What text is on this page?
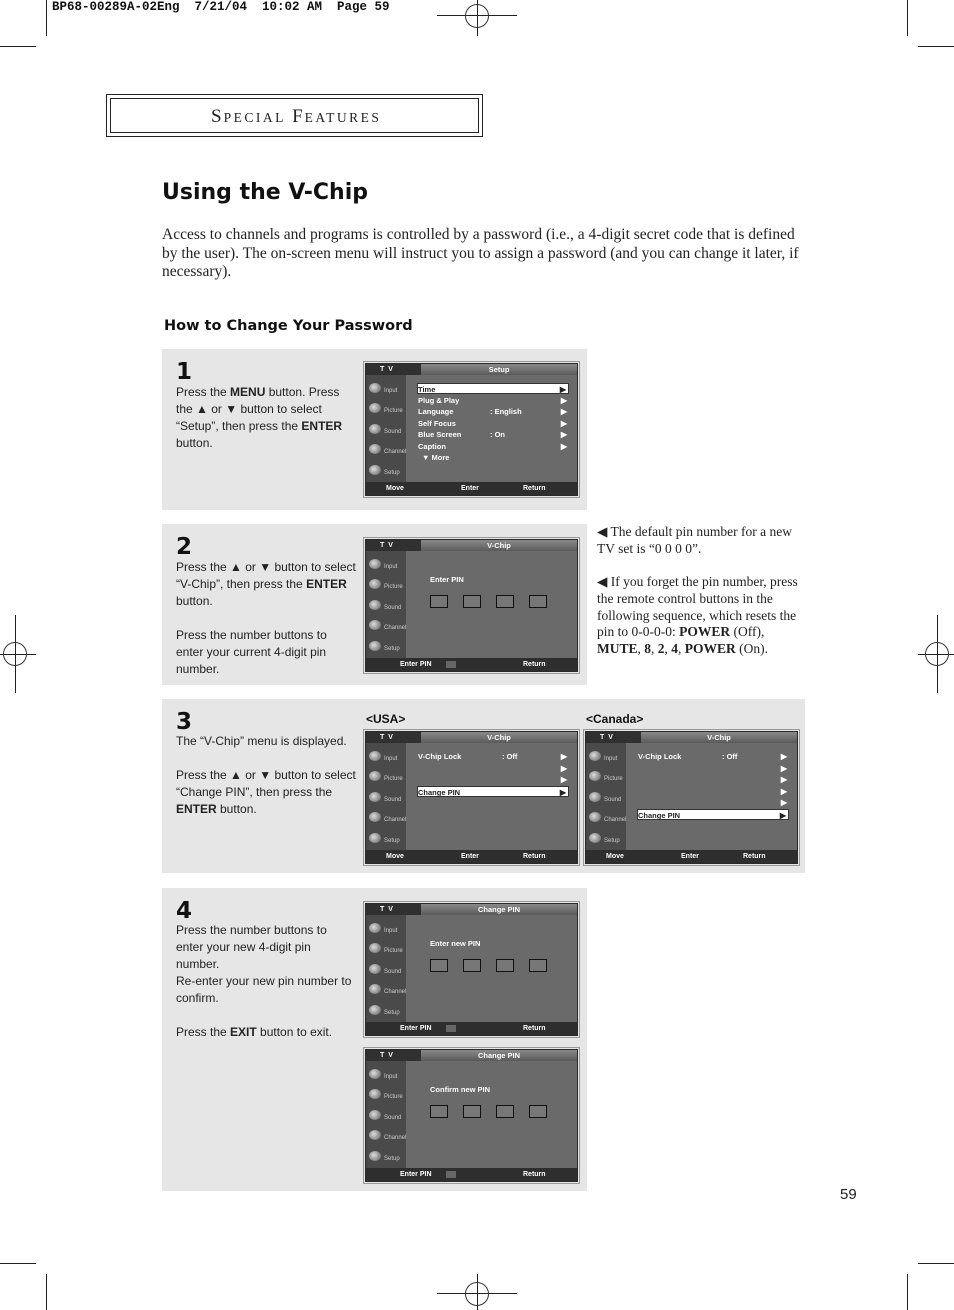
BP68-00289A-02Eng  7/21/04  10:02 AM  Page 59
SPECIAL FEATURES
Using the V-Chip
Access to channels and programs is controlled by a password (i.e., a 4-digit secret code that is defined by the user). The on-screen menu will instruct you to assign a password (and you can change it later, if necessary).
How to Change Your Password
1

Press the MENU button. Press the ▲ or ▼ button to select “Setup”, then press the ENTER button.

T V	Setup
Input
Picture
Sound
Channel
Setup
Time	▶
Plug & Play	▶
Language	: English	▶
Self Focus	▶
Blue Screen	: On	▶
Caption	▶
▼ More
Move	Enter	Return
2

Press the ▲ or ▼ button to select “V-Chip”, then press the ENTER button.

Press the number buttons to enter your current 4-digit pin number.

T V	V-Chip
Input
Picture
Sound
Channel
Setup
Enter PIN
Enter PIN	Return
◀ The default pin number for a new TV set is “0 0 0 0”.
◀ If you forget the pin number, press the remote control buttons in the following sequence, which resets the pin to 0-0-0-0: POWER (Off), MUTE, 8, 2, 4, POWER (On).
3

The “V-Chip” menu is displayed.

Press the ▲ or ▼ button to select “Change PIN”, then press the ENTER button.

<USA>	<Canada>
T V	V-Chip
Input
Picture
Sound
Channel
Setup
V-Chip Lock	: Off	▶
▶
▶
Change PIN	▶
Move	Enter	Return
T V	V-Chip
Input
Picture
Sound
Channel
Setup
V-Chip Lock	: Off	▶
▶
▶
▶
▶
Change PIN	▶
Move	Enter	Return
4

Press the number buttons to enter your new 4-digit pin number.

Re-enter your new pin number to confirm.

Press the EXIT button to exit.

T V	Change PIN
Input
Picture
Sound
Channel
Setup
Enter new PIN
Enter PIN	Return
T V	Change PIN
Input
Picture
Sound
Channel
Setup
Confirm new PIN
Enter PIN	Return
59
